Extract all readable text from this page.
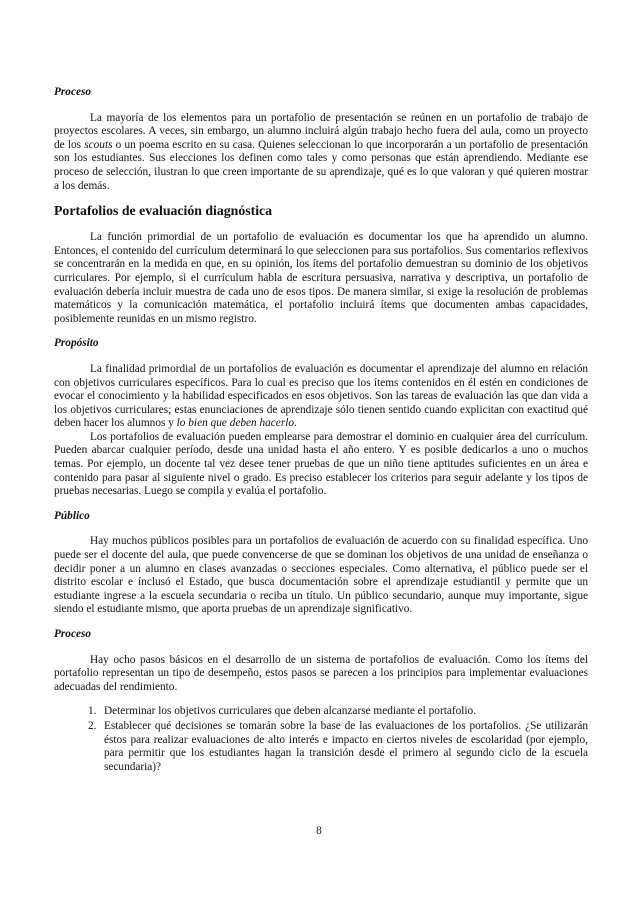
Proceso
La mayoría de los elementos para un portafolio de presentación se reúnen en un portafolio de trabajo de proyectos escolares. A veces, sin embargo, un alumno incluirá algún trabajo hecho fuera del aula, como un proyecto de los scouts o un poema escrito en su casa. Quienes seleccionan lo que incorporarán a un portafolio de presentación son los estudiantes. Sus elecciones los definen como tales y como personas que están aprendiendo. Mediante ese proceso de selección, ilustran lo que creen importante de su aprendizaje, qué es lo que valoran y qué quieren mostrar a los demás.
Portafolios de evaluación diagnóstica
La función primordial de un portafolio de evaluación es documentar los que ha aprendido un alumno. Entonces, el contenido del currículum determinará lo que seleccionen para sus portafolios. Sus comentarios reflexivos se concentrarán en la medida en que, en su opinión, los ítems del portafolio demuestran su dominio de los objetivos curriculares. Por ejemplo, si el currículum habla de escritura persuasiva, narrativa y descriptiva, un portafolio de evaluación debería incluir muestra de cada uno de esos tipos. De manera similar, si exige la resolución de problemas matemáticos y la comunicación matemática, el portafolio incluirá ítems que documenten ambas capacidades, posiblemente reunidas en un mismo registro.
Propósito
La finalidad primordial de un portafolios de evaluación es documentar el aprendizaje del alumno en relación con objetivos curriculares específicos. Para lo cual es preciso que los ítems contenidos en él estén en condiciones de evocar el conocimiento y la habilidad especificados en esos objetivos. Son las tareas de evaluación las que dan vida a los objetivos curriculares; estas enunciaciones de aprendizaje sólo tienen sentido cuando explicitan con exactitud qué deben hacer los alumnos y lo bien que deben hacerlo.
Los portafolios de evaluación pueden emplearse para demostrar el dominio en cualquier área del currículum. Pueden abarcar cualquier período, desde una unidad hasta el año entero. Y es posible dedicarlos a uno o muchos temas. Por ejemplo, un docente tal vez desee tener pruebas de que un niño tiene aptitudes suficientes en un área e contenido para pasar al siguiente nivel o grado. Es preciso establecer los criterios para seguir adelante y los tipos de pruebas necesarias. Luego se compila y evalúa el portafolio.
Público
Hay muchos públicos posibles para un portafolios de evaluación de acuerdo con su finalidad específica. Uno puede ser el docente del aula, que puede convencerse de que se dominan los objetivos de una unidad de enseñanza o decidir poner a un alumno en clases avanzadas o secciones especiales. Como alternativa, el público puede ser el distrito escolar e ínclusó el Estado, que busca documentación sobre el aprendizaje estudiantil y permite que un estudiante ingrese a la escuela secundaria o reciba un título. Un público secundario, aunque muy importante, sigue siendo el estudiante mismo, que aporta pruebas de un aprendizaje significativo.
Proceso
Hay ocho pasos básicos en el desarrollo de un sistema de portafolios de evaluación. Como los ítems del portafolio representan un tipo de desempeño, estos pasos se parecen a los principios para implementar evaluaciones adecuadas del rendimiento.
1. Determinar los objetivos curriculares que deben alcanzarse mediante el portafolio.
2. Establecer qué decisiones se tomarán sobre la base de las evaluaciones de los portafolios. ¿Se utilizarán éstos para realizar evaluaciones de alto interés e impacto en ciertos niveles de escolaridad (por ejemplo, para permitir que los estudiantes hagan la transición desde el primero al segundo ciclo de la escuela secundaria)?
8
